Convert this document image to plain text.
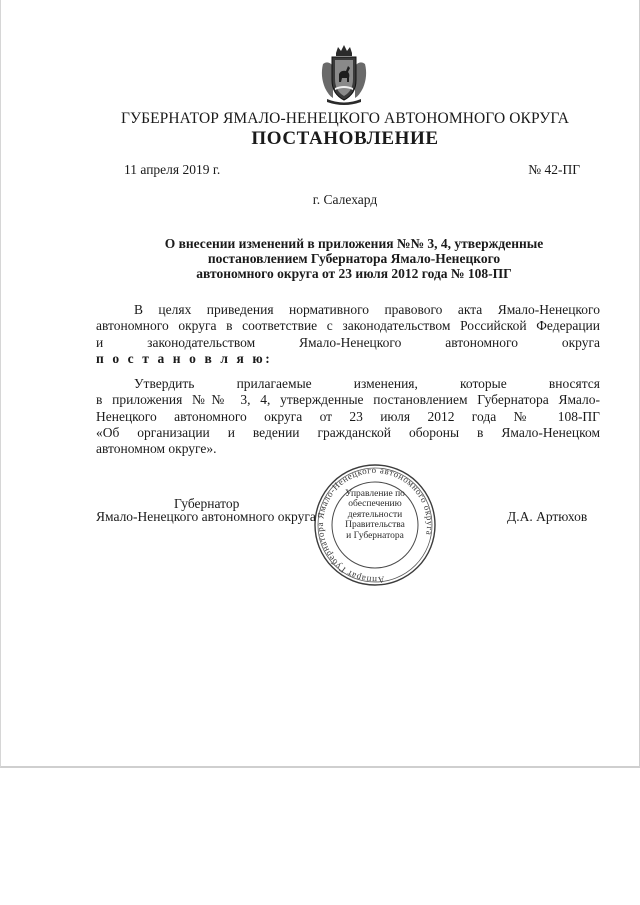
ГУБЕРНАТОР ЯМАЛО-НЕНЕЦКОГО АВТОНОМНОГО ОКРУГА
ПОСТАНОВЛЕНИЕ
11 апреля 2019 г.	№ 42-ПГ
г. Салехард
О внесении изменений в приложения №№ 3, 4, утвержденные
постановлением Губернатора Ямало-Ненецкого
автономного округа от 23 июля 2012 года № 108-ПГ
В целях приведения нормативного правового акта Ямало-Ненецкого
автономного округа в соответствие с законодательством Российской Федерации
и законодательством Ямало-Ненецкого автономного округа
п о с т а н о в л я ю:
Утвердить прилагаемые изменения, которые вносятся
в приложения №№ 3, 4, утвержденные постановлением Губернатора Ямало-
Ненецкого автономного округа от 23 июля 2012 года № 108-ПГ
«Об организации и ведении гражданской обороны в Ямало-Ненецком
автономном округе».
Аппарат Губернатора Ямало-Ненецкого автономного округа
Управление по
обеспечению
деятельности
Правительства
и Губернатора
Губернатор
Ямало-Ненецкого автономного округа	Д.А. Артюхов
